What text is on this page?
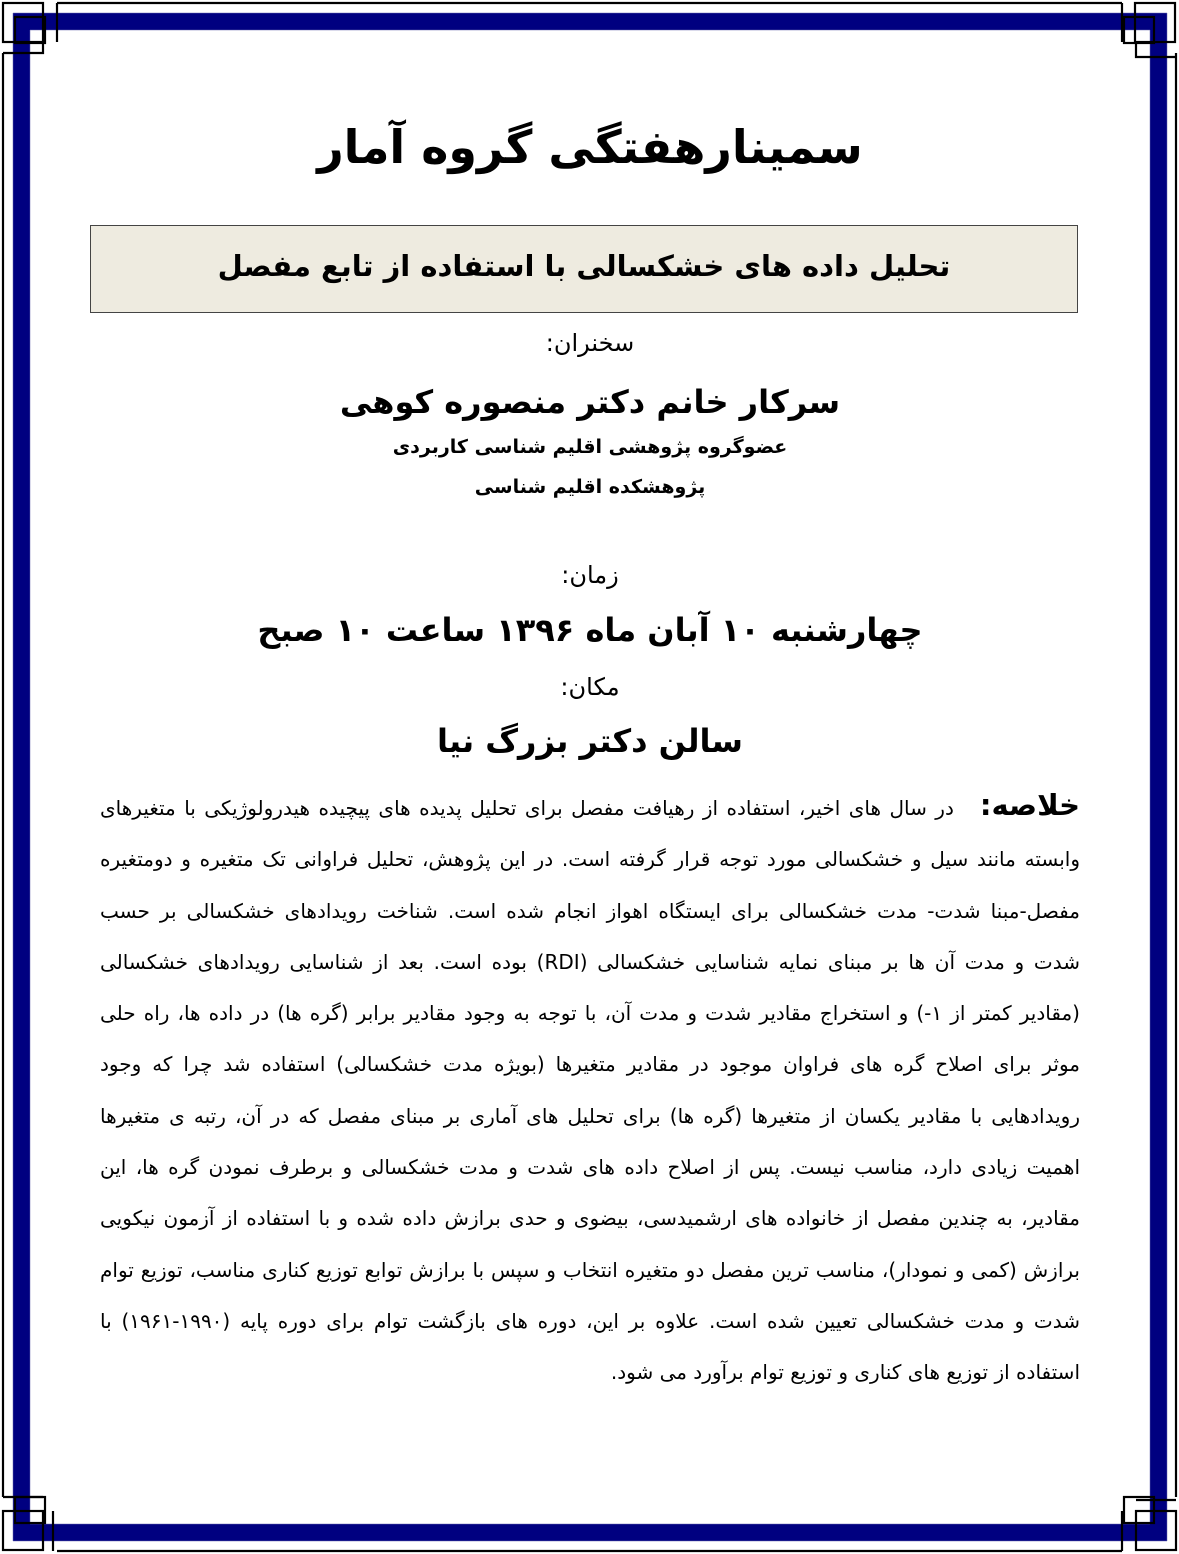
سمینارهفتگی گروه آمار
تحلیل داده های خشکسالی با استفاده از تابع مفصل
سخنران:
سرکار خانم دکتر منصوره کوهی
عضوگروه پژوهشی اقلیم شناسی کاربردی
پژوهشکده اقلیم شناسی
زمان:
چهارشنبه ۱۰ آبان ماه ۱۳۹۶ ساعت ۱۰ صبح
مکان:
سالن دکتر بزرگ نیا
خلاصه:در سال های اخیر، استفاده از رهیافت مفصل برای تحلیل پدیده های پیچیده هیدرولوژیکی با متغیرهای وابسته مانند سیل و خشکسالی مورد توجه قرار گرفته است. در این پژوهش، تحلیل فراوانی تک متغیره و دومتغیره مفصل-مبنا شدت- مدت خشکسالی برای ایستگاه اهواز انجام شده است. شناخت رویدادهای خشکسالی بر حسب شدت و مدت آن ها بر مبنای نمایه شناسایی خشکسالی (RDI) بوده است. بعد از شناسایی رویدادهای خشکسالی (مقادیر کمتر از ۱-) و استخراج مقادیر شدت و مدت آن، با توجه به وجود مقادیر برابر (گره ها) در داده ها، راه حلی موثر برای اصلاح گره های فراوان موجود در مقادیر متغیرها (بویژه مدت خشکسالی) استفاده شد چرا که وجود رویدادهایی با مقادیر یکسان از متغیرها (گره ها) برای تحلیل های آماری بر مبنای مفصل که در آن، رتبه ی متغیرها اهمیت زیادی دارد، مناسب نیست. پس از اصلاح داده های شدت و مدت خشکسالی و برطرف نمودن گره ها، این مقادیر، به چندین مفصل از خانواده های ارشمیدسی، بیضوی و حدی برازش داده شده و با استفاده از آزمون نیکویی برازش (کمی و نمودار)، مناسب ترین مفصل دو متغیره انتخاب و سپس با برازش توابع توزیع کناری مناسب، توزیع توام شدت و مدت خشکسالی تعیین شده است. علاوه بر این، دوره های بازگشت توام برای دوره پایه (۱۹۹۰-۱۹۶۱) با استفاده از توزیع های کناری و توزیع توام برآورد می شود.
